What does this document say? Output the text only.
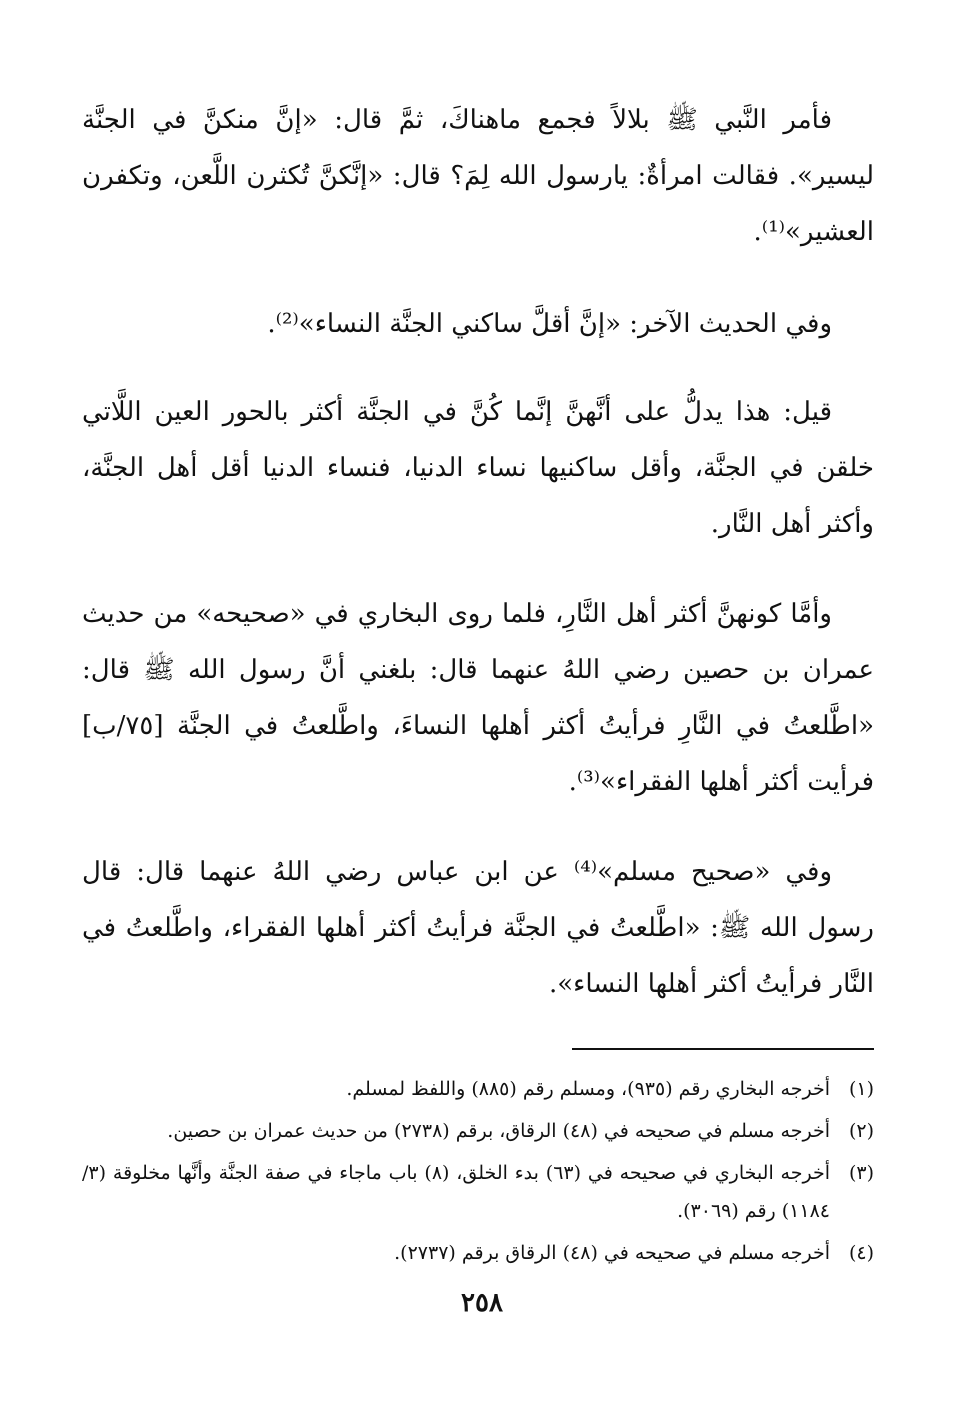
فأمر النَّبي ﷺ بلالاً فجمع ماهناكَ، ثمَّ قال: «إنَّ منكنَّ في الجنَّة ليسير». فقالت امرأةٌ: يارسول الله لِمَ؟ قال: «إنَّكنَّ تُكثرن اللَّعن، وتكفرن العشير»⁽¹⁾.

وفي الحديث الآخر: «إنَّ أقلَّ ساكني الجنَّة النساء»⁽²⁾.

قيل: هذا يدلُّ على أنَّهنَّ إنَّما كُنَّ في الجنَّة أكثر بالحور العين اللَّاتي خلقن في الجنَّة، وأقل ساكنيها نساء الدنيا، فنساء الدنيا أقل أهل الجنَّة، وأكثر أهل النَّار.

وأمَّا كونهنَّ أكثر أهل النَّارِ، فلما روى البخاري في «صحيحه» من حديث عمران بن حصين رضي اللهُ عنهما قال: بلغني أنَّ رسول الله ﷺ قال: «اطَّلعتُ في النَّارِ فرأيتُ أكثر أهلها النساءَ، واطَّلعتُ في الجنَّة [٧٥/ب] فرأيت أكثر أهلها الفقراء»⁽³⁾.

وفي «صحيح مسلم»⁽⁴⁾ عن ابن عباس رضي اللهُ عنهما قال: قال رسول الله ﷺ: «اطَّلعتُ في الجنَّة فرأيتُ أكثر أهلها الفقراء، واطَّلعتُ في النَّار فرأيتُ أكثر أهلها النساء».

(١)
أخرجه البخاري رقم (٩٣٥)، ومسلم رقم (٨٨٥) واللفظ لمسلم.
(٢)
أخرجه مسلم في صحيحه في (٤٨) الرقاق، برقم (٢٧٣٨) من حديث عمران بن حصين.
(٣)
أخرجه البخاري في صحيحه في (٦٣) بدء الخلق، (٨) باب ماجاء في صفة الجنَّة وأنَّها مخلوقة (٣/ ١١٨٤) رقم (٣٠٦٩).
(٤)
أخرجه مسلم في صحيحه في (٤٨) الرقاق برقم (٢٧٣٧).
٢٥٨
